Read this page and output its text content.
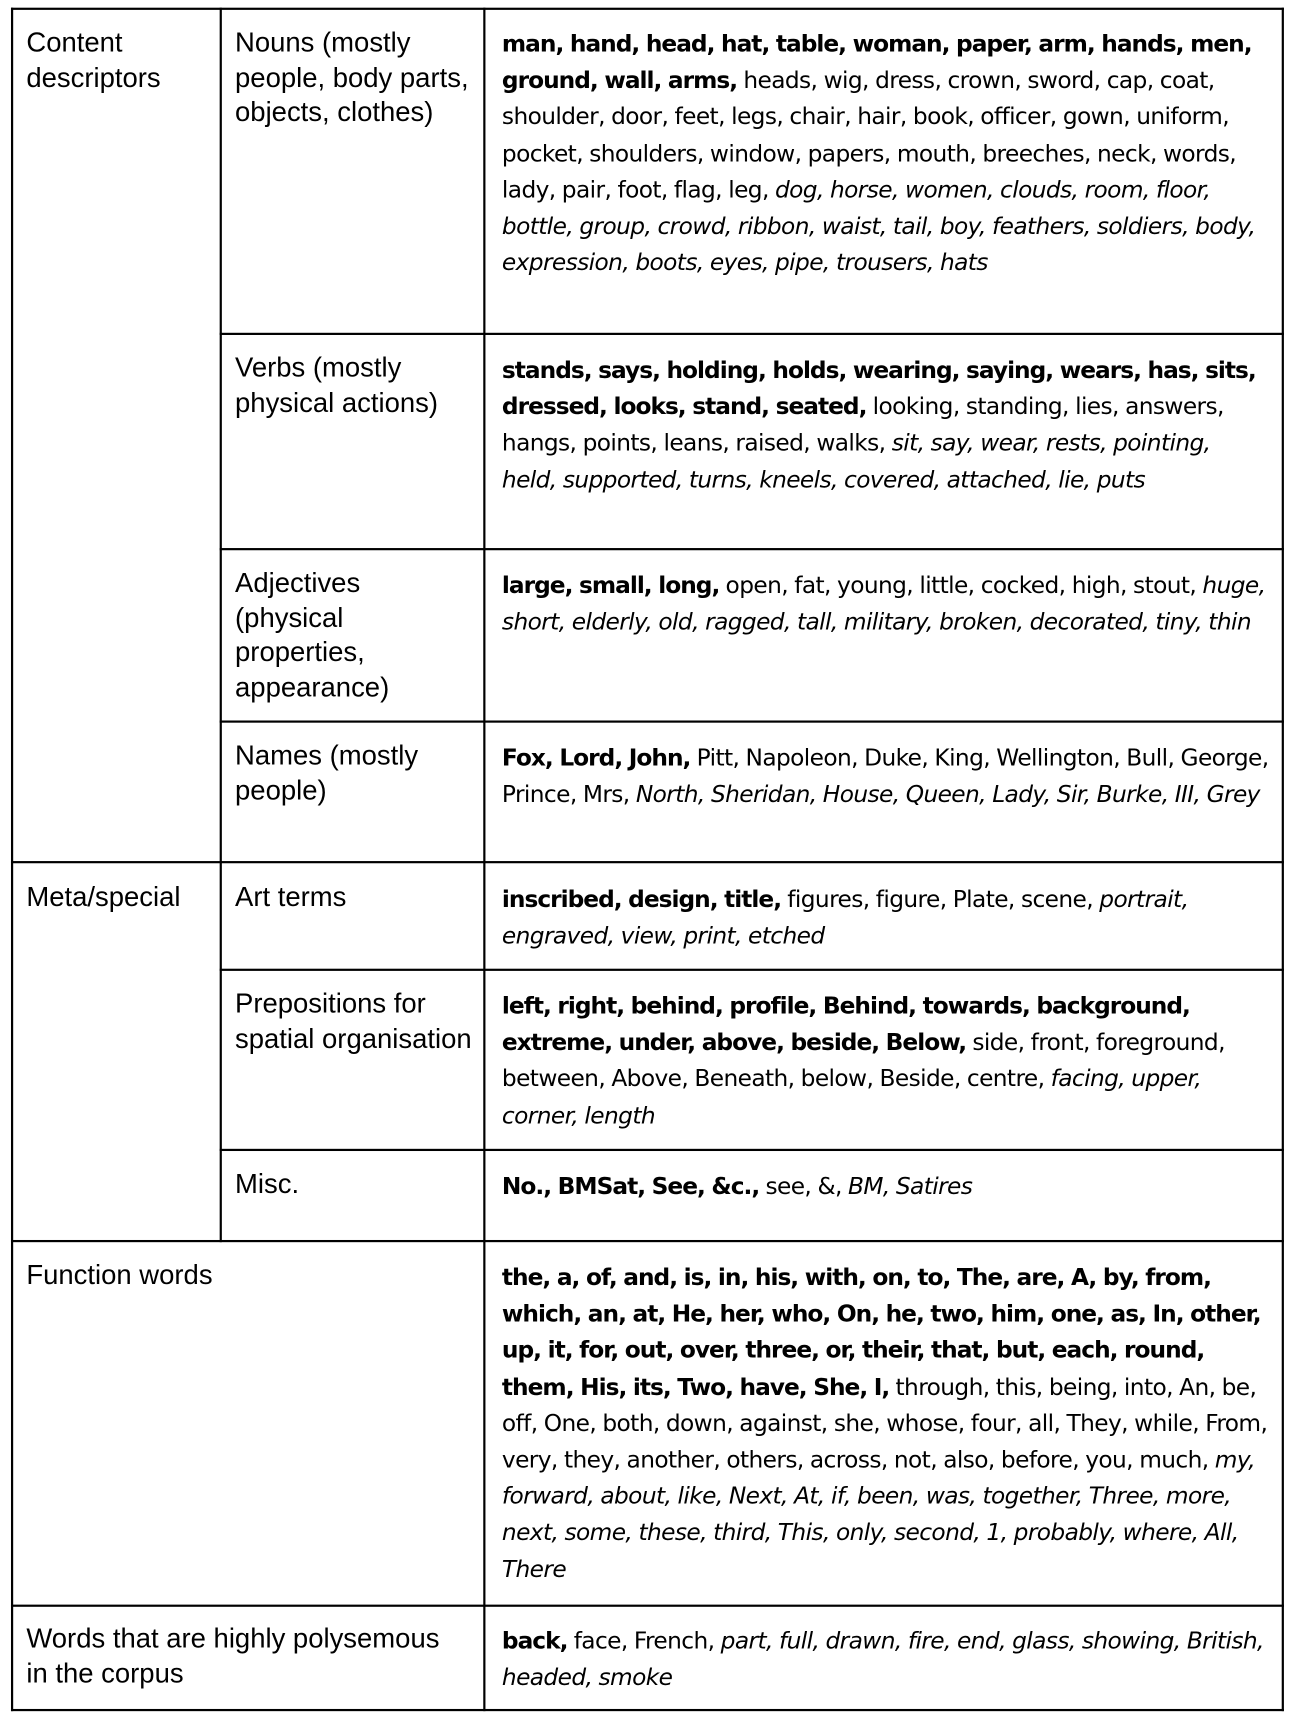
Content descriptors
Meta/special
Function words
Words that are highly polysemous in the corpus
Nouns (mostly people, body parts, objects, clothes)
Verbs (mostly physical actions)
Adjectives (physical properties, appearance)
Names (mostly people)
Art terms
Prepositions for spatial organisation
Misc.
man, hand, head, hat, table, woman, paper, arm, hands, men, ground, wall, arms, heads, wig, dress, crown, sword, cap, coat, shoulder, door, feet, legs, chair, hair, book, officer, gown, uniform, pocket, shoulders, window, papers, mouth, breeches, neck, words, lady, pair, foot, flag, leg, dog, horse, women, clouds, room, floor, bottle, group, crowd, ribbon, waist, tail, boy, feathers, soldiers, body, expression, boots, eyes, pipe, trousers, hats
stands, says, holding, holds, wearing, saying, wears, has, sits, dressed, looks, stand, seated, looking, standing, lies, answers, hangs, points, leans, raised, walks, sit, say, wear, rests, pointing, held, supported, turns, kneels, covered, attached, lie, puts
large, small, long, open, fat, young, little, cocked, high, stout, huge, short, elderly, old, ragged, tall, military, broken, decorated, tiny, thin
Fox, Lord, John, Pitt, Napoleon, Duke, King, Wellington, Bull, George, Prince, Mrs, North, Sheridan, House, Queen, Lady, Sir, Burke, III, Grey
inscribed, design, title, figures, figure, Plate, scene, portrait, engraved, view, print, etched
left, right, behind, profile, Behind, towards, background, extreme, under, above, beside, Below, side, front, foreground, between, Above, Beneath, below, Beside, centre, facing, upper, corner, length
No., BMSat, See, &c., see, &, BM, Satires
the, a, of, and, is, in, his, with, on, to, The, are, A, by, from, which, an, at, He, her, who, On, he, two, him, one, as, In, other, up, it, for, out, over, three, or, their, that, but, each, round, them, His, its, Two, have, She, I, through, this, being, into, An, be, off, One, both, down, against, she, whose, four, all, They, while, From, very, they, another, others, across, not, also, before, you, much, my, forward, about, like, Next, At, if, been, was, together, Three, more, next, some, these, third, This, only, second, 1, probably, where, All, There
back, face, French, part, full, drawn, fire, end, glass, showing, British, headed, smoke
